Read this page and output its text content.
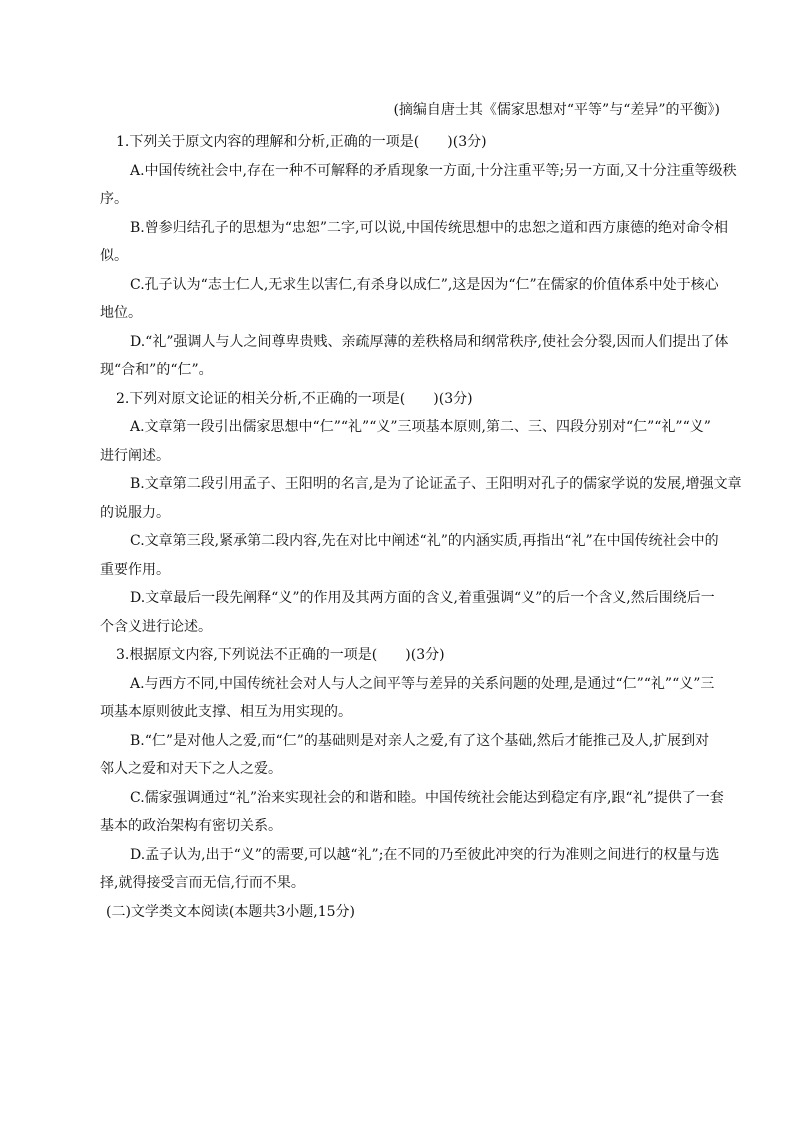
(摘编自唐士其《儒家思想对“平等”与“差异”的平衡》)

1.下列关于原文内容的理解和分析,正确的一项是(　　)(3分)

A.中国传统社会中,存在一种不可解释的矛盾现象一方面,十分注重平等;另一方面,又十分注重等级秩

序。

B.曾参归结孔子的思想为“忠恕”二字,可以说,中国传统思想中的忠恕之道和西方康德的绝对命令相

似。

C.孔子认为“志士仁人,无求生以害仁,有杀身以成仁”,这是因为“仁”在儒家的价值体系中处于核心

地位。

D.“礼”强调人与人之间尊卑贵贱、亲疏厚薄的差秩格局和纲常秩序,使社会分裂,因而人们提出了体

现“合和”的“仁”。

2.下列对原文论证的相关分析,不正确的一项是(　　)(3分)

A.文章第一段引出儒家思想中“仁”“礼”“义”三项基本原则,第二、三、四段分别对“仁”“礼”“义”

进行阐述。

B.文章第二段引用孟子、王阳明的名言,是为了论证孟子、王阳明对孔子的儒家学说的发展,增强文章

的说服力。

C.文章第三段,紧承第二段内容,先在对比中阐述“礼”的内涵实质,再指出“礼”在中国传统社会中的

重要作用。

D.文章最后一段先阐释“义”的作用及其两方面的含义,着重强调“义”的后一个含义,然后围绕后一

个含义进行论述。

3.根据原文内容,下列说法不正确的一项是(　　)(3分)

A.与西方不同,中国传统社会对人与人之间平等与差异的关系问题的处理,是通过“仁”“礼”“义”三

项基本原则彼此支撑、相互为用实现的。

B.“仁”是对他人之爱,而“仁”的基础则是对亲人之爱,有了这个基础,然后才能推己及人,扩展到对

邻人之爱和对天下之人之爱。

C.儒家强调通过“礼”治来实现社会的和谐和睦。中国传统社会能达到稳定有序,跟“礼”提供了一套

基本的政治架构有密切关系。

D.孟子认为,出于“义”的需要,可以越“礼”;在不同的乃至彼此冲突的行为准则之间进行的权量与选

择,就得接受言而无信,行而不果。

(二)文学类文本阅读(本题共3小题,15分)
